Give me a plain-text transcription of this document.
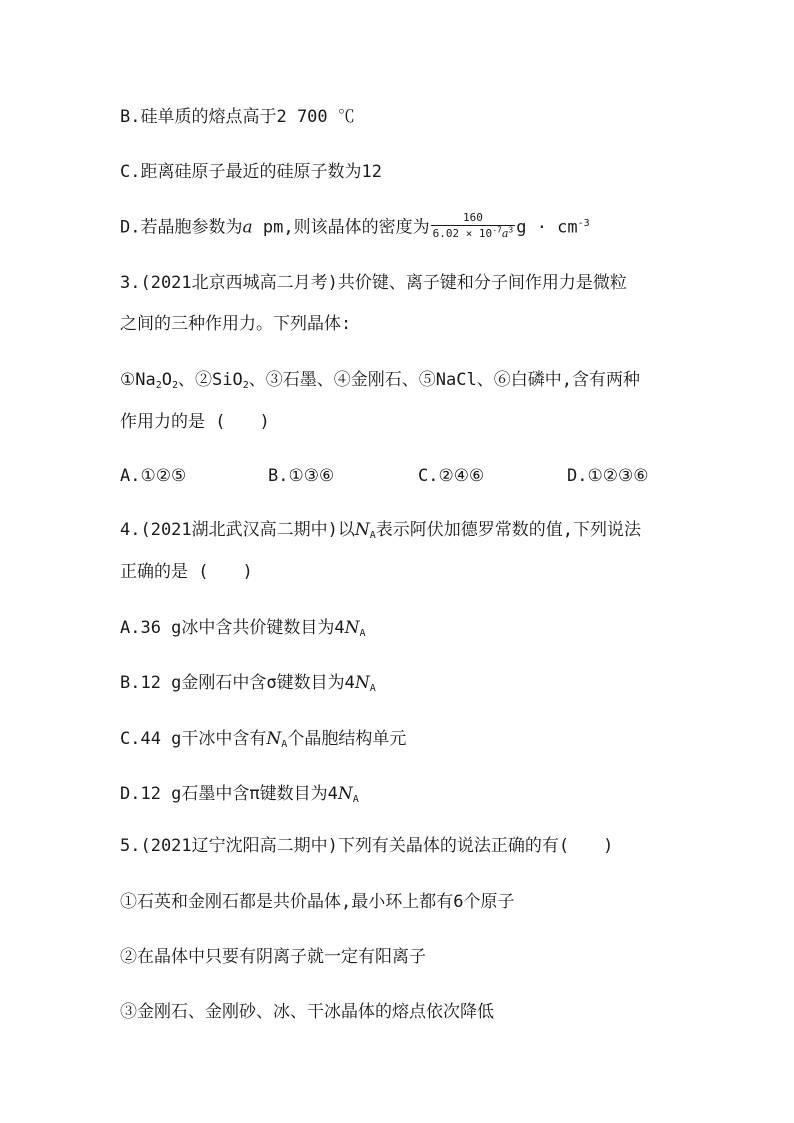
B.硅单质的熔点高于2 700 ℃
C.距离硅原子最近的硅原子数为12
D.若晶胞参数为a pm,则该晶体的密度为 $\frac{160}{6.02 \times 10^{-7}a^3}$ $g \cdot cm^{-3}$
3.(2021北京西城高二月考)共价键、离子键和分子间作用力是微粒
之间的三种作用力。下列晶体:
$①Na_2O_2$、②SiO$_2$、③石墨、④金刚石、⑤NaCl、⑥白磷中,含有两种
作用力的是 (　　)
A.①②⑤	B.①③⑥	C.②④⑥	D.①②③⑥
4.(2021湖北武汉高二期中)以$N_A$表示阿伏加德罗常数的值,下列说法
正确的是 (　　)
A.36 g冰中含共价键数目为$4N_A$
B.12 g金刚石中含σ键数目为$4N_A$
C.44 g干冰中含有$N_A$个晶胞结构单元
D.12 g石墨中含π键数目为$4N_A$
5.(2021辽宁沈阳高二期中)下列有关晶体的说法正确的有(　　)
①石英和金刚石都是共价晶体,最小环上都有6个原子
②在晶体中只要有阴离子就一定有阳离子
③金刚石、金刚砂、冰、干冰晶体的熔点依次降低
